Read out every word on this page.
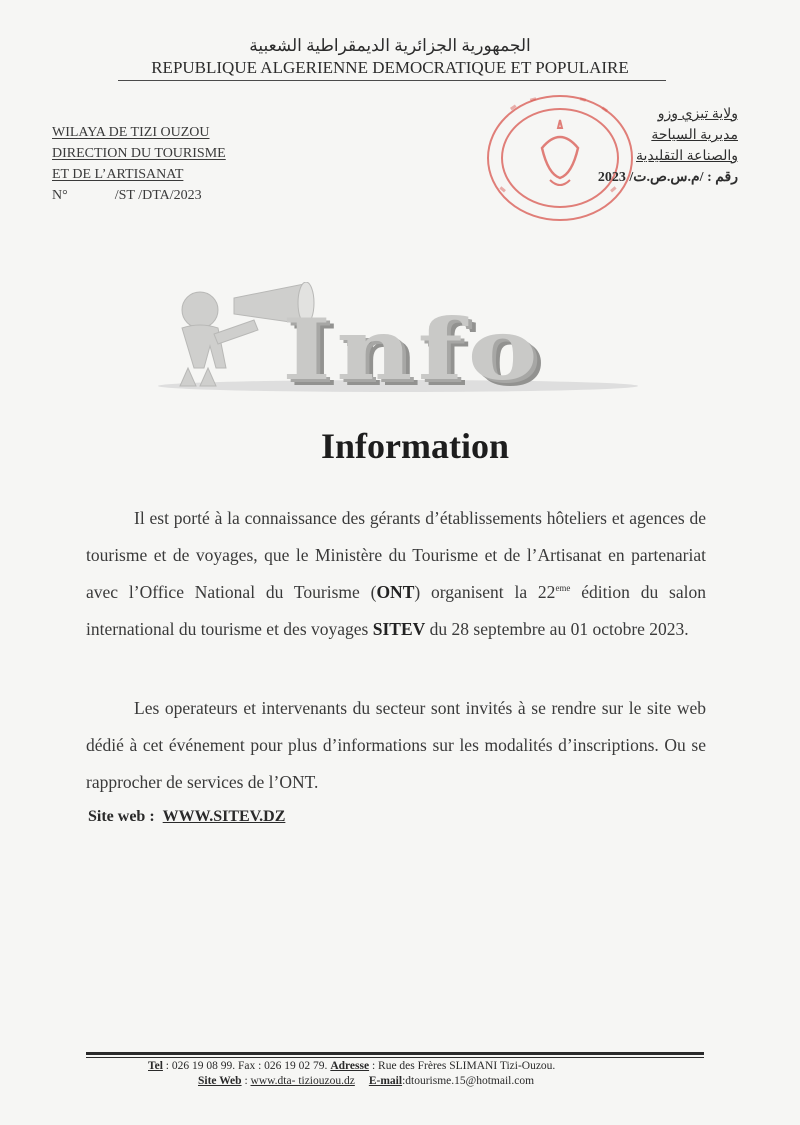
الجمهورية الجزائرية الديمقراطية الشعبية
REPUBLIQUE ALGERIENNE DEMOCRATIQUE ET POPULAIRE
WILAYA DE TIZI OUZOU
DIRECTION DU TOURISME
ET DE L’ARTISANAT
N°	/ST /DTA/2023
ولاية تيزي وزو
مديرية السياحة
والصناعة التقليدية
رقم : /م.س.ص.ت/ 2023
Info
Information
Il est porté à la connaissance des gérants d’établissements hôteliers et agences de tourisme et de voyages, que le Ministère du Tourisme et de l’Artisanat en partenariat avec l’Office National du Tourisme (ONT) organisent la 22eme édition du salon international du tourisme et des voyages SITEV du 28 septembre au 01 octobre 2023.
Les operateurs et intervenants du secteur sont invités à se rendre sur le site web dédié à cet événement pour plus d’informations sur les modalités d’inscriptions. Ou se rapprocher de services de l’ONT.
Site web : WWW.SITEV.DZ
Tel : 026 19 08 99. Fax : 026 19 02 79. Adresse : Rue des Frères SLIMANI Tizi-Ouzou.
Site Web : www.dta- tiziouzou.dz E-mail:dtourisme.15@hotmail.com
